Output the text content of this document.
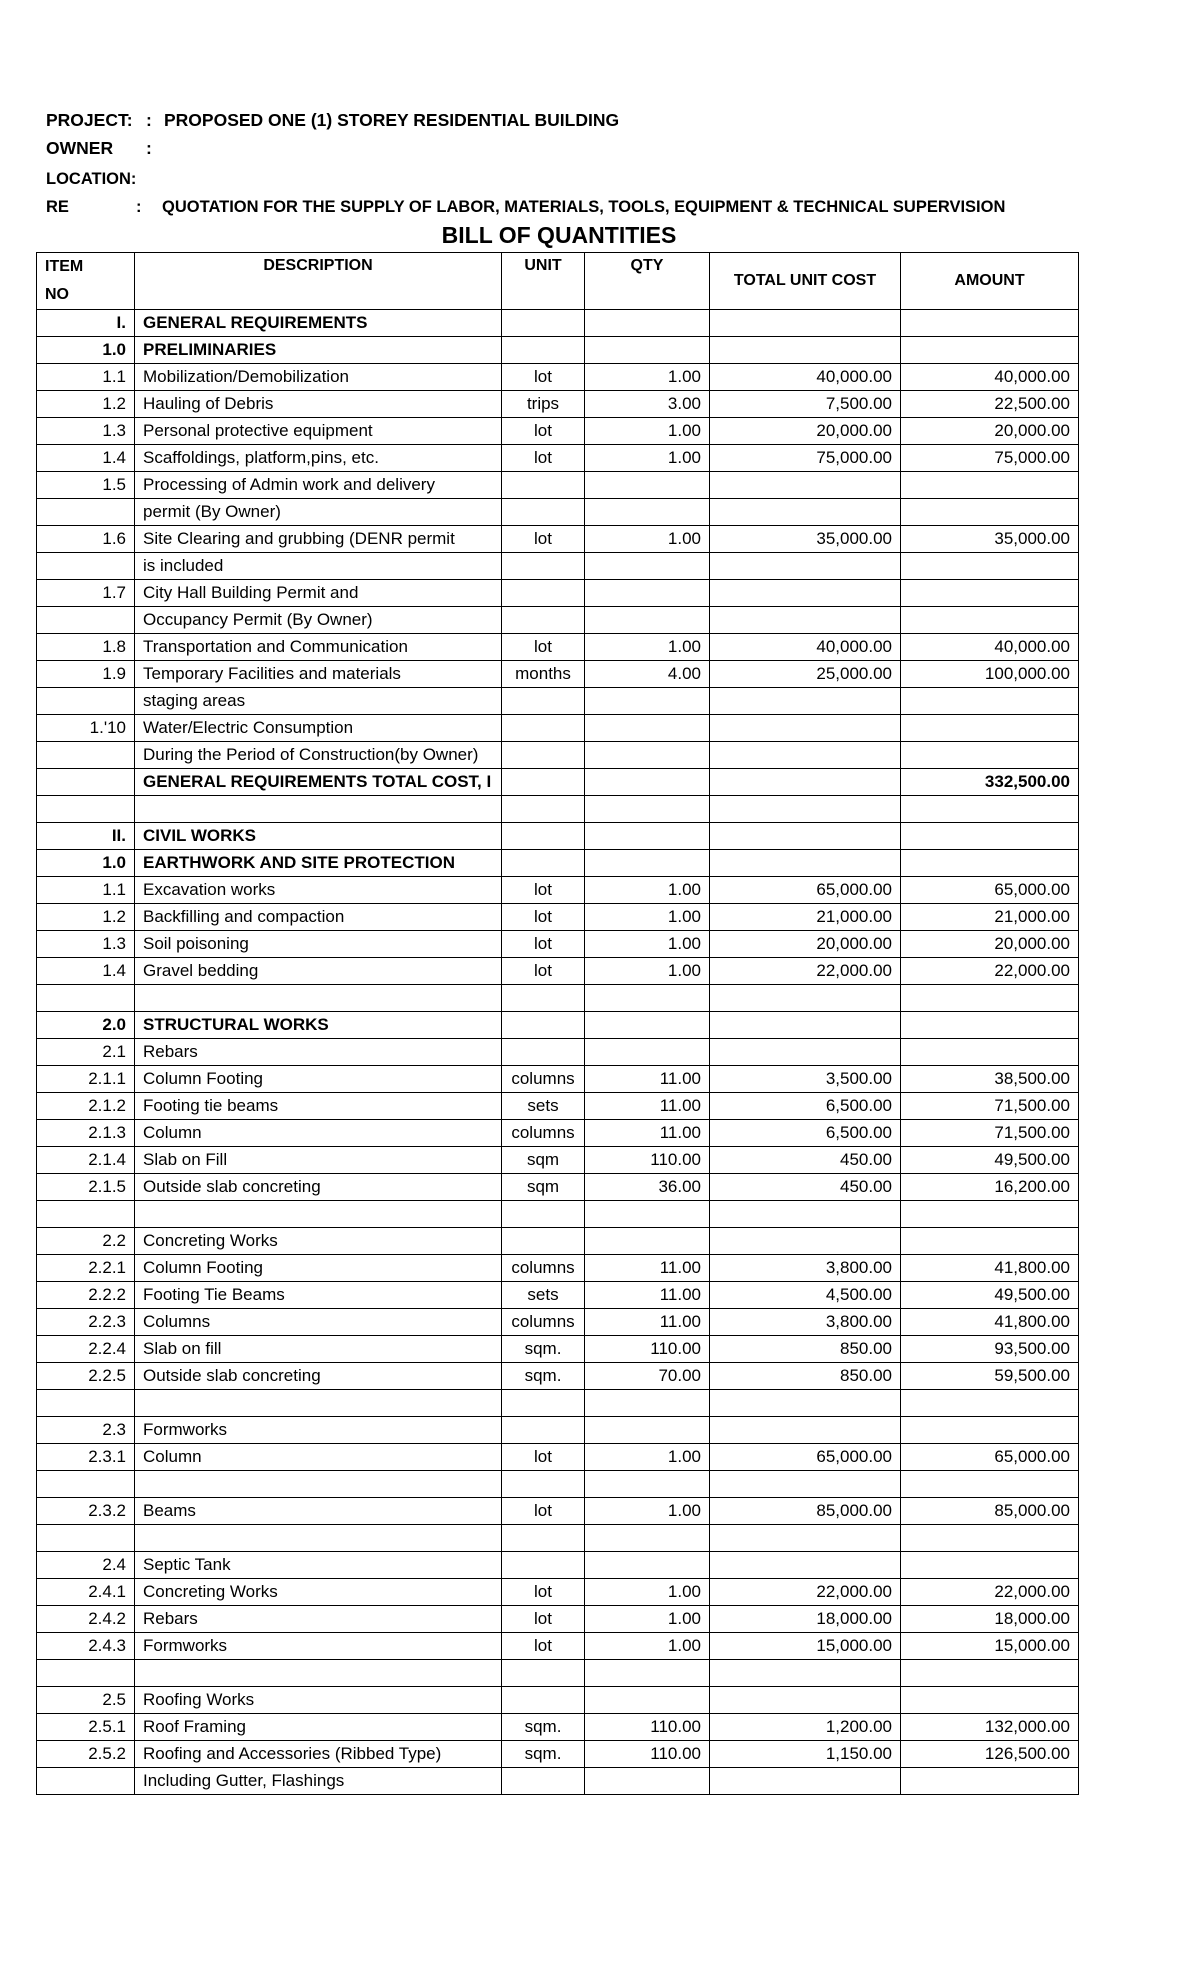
PROJECT: : PROPOSED ONE (1) STOREY RESIDENTIAL BUILDING
OWNER :
LOCATION:
RE	: QUOTATION FOR THE SUPPLY OF LABOR, MATERIALS, TOOLS, EQUIPMENT & TECHNICAL SUPERVISION
BILL OF QUANTITIES
ITEM
NO	DESCRIPTION	UNIT	QTY	TOTAL UNIT COST	AMOUNT
I.	GENERAL REQUIREMENTS				
1.0	PRELIMINARIES				
1.1	Mobilization/Demobilization	lot	1.00	40,000.00	40,000.00
1.2	Hauling of Debris	trips	3.00	7,500.00	22,500.00
1.3	Personal protective equipment	lot	1.00	20,000.00	20,000.00
1.4	Scaffoldings, platform,pins, etc.	lot	1.00	75,000.00	75,000.00
1.5	Processing of Admin work and delivery				
	permit (By Owner)				
1.6	Site Clearing and grubbing (DENR permit	lot	1.00	35,000.00	35,000.00
	is included				
1.7	City Hall Building Permit and				
	Occupancy Permit (By Owner)				
1.8	Transportation and Communication	lot	1.00	40,000.00	40,000.00
1.9	Temporary Facilities and materials	months	4.00	25,000.00	100,000.00
	staging areas				
1.'10	Water/Electric Consumption				
	During the Period of Construction(by Owner)				
	GENERAL REQUIREMENTS TOTAL COST, I				332,500.00

II.	CIVIL WORKS				
1.0	EARTHWORK AND SITE PROTECTION				
1.1	Excavation works	lot	1.00	65,000.00	65,000.00
1.2	Backfilling and compaction	lot	1.00	21,000.00	21,000.00
1.3	Soil poisoning	lot	1.00	20,000.00	20,000.00
1.4	Gravel bedding	lot	1.00	22,000.00	22,000.00

2.0	STRUCTURAL WORKS				
2.1	Rebars				
2.1.1	Column Footing	columns	11.00	3,500.00	38,500.00
2.1.2	Footing tie beams	sets	11.00	6,500.00	71,500.00
2.1.3	Column	columns	11.00	6,500.00	71,500.00
2.1.4	Slab on Fill	sqm	110.00	450.00	49,500.00
2.1.5	Outside slab concreting	sqm	36.00	450.00	16,200.00

2.2	Concreting Works				
2.2.1	Column Footing	columns	11.00	3,800.00	41,800.00
2.2.2	Footing Tie Beams	sets	11.00	4,500.00	49,500.00
2.2.3	Columns	columns	11.00	3,800.00	41,800.00
2.2.4	Slab on fill	sqm.	110.00	850.00	93,500.00
2.2.5	Outside slab concreting	sqm.	70.00	850.00	59,500.00

2.3	Formworks				
2.3.1	Column	lot	1.00	65,000.00	65,000.00

2.3.2	Beams	lot	1.00	85,000.00	85,000.00

2.4	Septic Tank				
2.4.1	Concreting Works	lot	1.00	22,000.00	22,000.00
2.4.2	Rebars	lot	1.00	18,000.00	18,000.00
2.4.3	Formworks	lot	1.00	15,000.00	15,000.00

2.5	Roofing Works				
2.5.1	Roof Framing	sqm.	110.00	1,200.00	132,000.00
2.5.2	Roofing and Accessories (Ribbed Type)	sqm.	110.00	1,150.00	126,500.00
	Including Gutter, Flashings				
